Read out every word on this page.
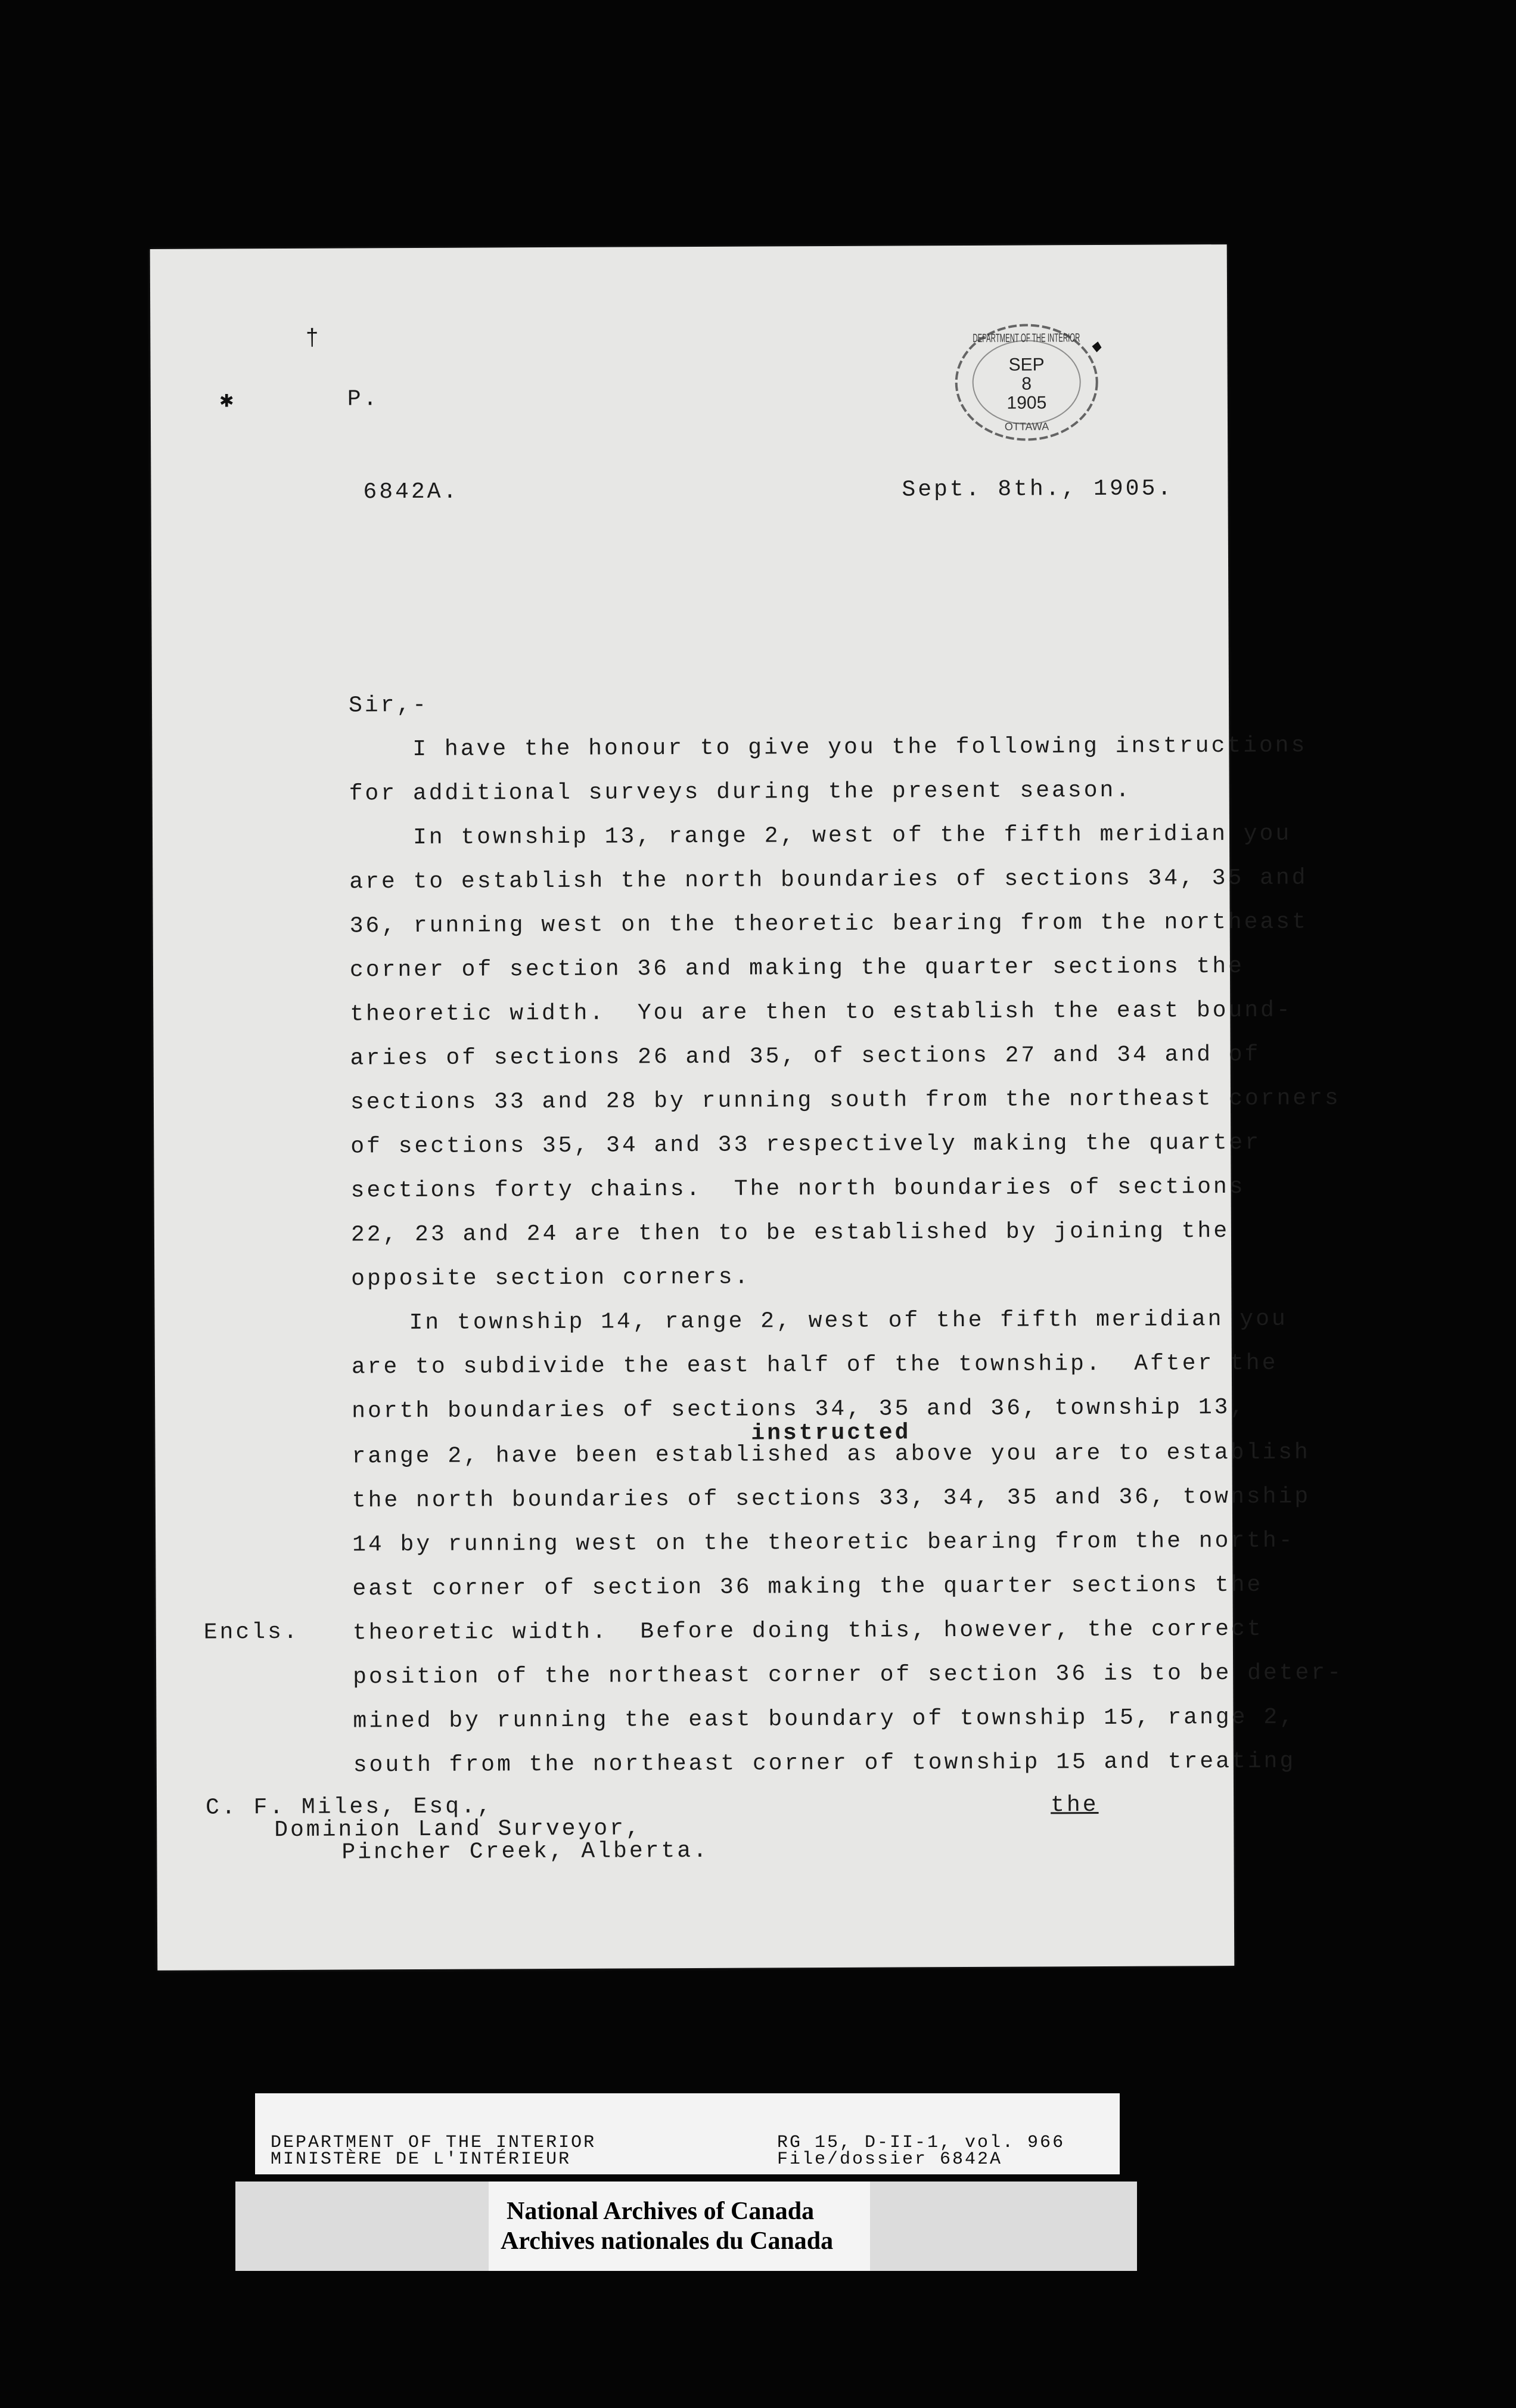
†
✱	P.
6842A.	Sept. 8th., 1905.
DEPARTMENT OF THE INTERIOR
SEP
8
1905
OTTAWA
Sir,-
I have the honour to give you the following instructions
for additional surveys during the present season.
In township 13, range 2, west of the fifth meridian you
are to establish the north boundaries of sections 34, 35 and
36, running west on the theoretic bearing from the northeast
corner of section 36 and making the quarter sections the
theoretic width.  You are then to establish the east bound-
aries of sections 26 and 35, of sections 27 and 34 and of
sections 33 and 28 by running south from the northeast corners
of sections 35, 34 and 33 respectively making the quarter
sections forty chains.  The north boundaries of sections
22, 23 and 24 are then to be established by joining the
opposite section corners.
In township 14, range 2, west of the fifth meridian you
are to subdivide the east half of the township.  After the
north boundaries of sections 34, 35 and 36, township 13,
instructed
range 2, have been established as above you are to establish
the north boundaries of sections 33, 34, 35 and 36, township
14 by running west on the theoretic bearing from the north-
east corner of section 36 making the quarter sections the
Encls. theoretic width.  Before doing this, however, the correct
position of the northeast corner of section 36 is to be deter-
mined by running the east boundary of township 15, range 2,
south from the northeast corner of township 15 and treating
the
C. F. Miles, Esq.,
Dominion Land Surveyor,
Pincher Creek, Alberta.
DEPARTMENT OF THE INTERIOR
MINISTÈRE DE L'INTÉRIEUR
RG 15, D-II-1, vol. 966
File/dossier 6842A
National Archives of Canada
Archives nationales du Canada
